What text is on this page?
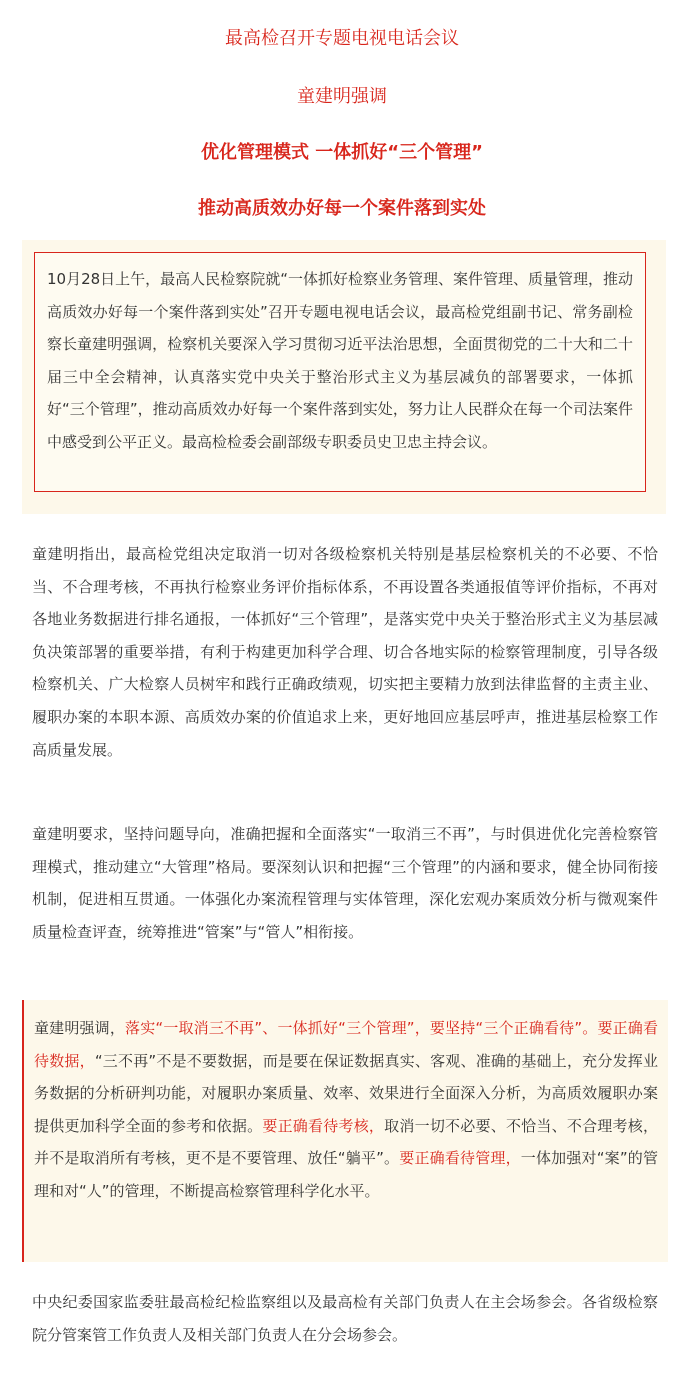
最高检召开专题电视电话会议

童建明强调

优化管理模式 一体抓好“三个管理”

推动高质效办好每一个案件落到实处

10月28日上午，最高人民检察院就“一体抓好检察业务管理、案件管理、质量管理，推动高质效办好每一个案件落到实处”召开专题电视电话会议，最高检党组副书记、常务副检察长童建明强调，检察机关要深入学习贯彻习近平法治思想，全面贯彻党的二十大和二十届三中全会精神，认真落实党中央关于整治形式主义为基层减负的部署要求，一体抓好“三个管理”，推动高质效办好每一个案件落到实处，努力让人民群众在每一个司法案件中感受到公平正义。最高检检委会副部级专职委员史卫忠主持会议。

童建明指出，最高检党组决定取消一切对各级检察机关特别是基层检察机关的不必要、不恰当、不合理考核，不再执行检察业务评价指标体系，不再设置各类通报值等评价指标，不再对各地业务数据进行排名通报，一体抓好“三个管理”，是落实党中央关于整治形式主义为基层减负决策部署的重要举措，有利于构建更加科学合理、切合各地实际的检察管理制度，引导各级检察机关、广大检察人员树牢和践行正确政绩观，切实把主要精力放到法律监督的主责主业、履职办案的本职本源、高质效办案的价值追求上来，更好地回应基层呼声，推进基层检察工作高质量发展。

童建明要求，坚持问题导向，准确把握和全面落实“一取消三不再”，与时俱进优化完善检察管理模式，推动建立“大管理”格局。要深刻认识和把握“三个管理”的内涵和要求，健全协同衔接机制，促进相互贯通。一体强化办案流程管理与实体管理，深化宏观办案质效分析与微观案件质量检查评查，统筹推进“管案”与“管人”相衔接。

童建明强调，落实“一取消三不再”、一体抓好“三个管理”，要坚持“三个正确看待”。要正确看待数据，“三不再”不是不要数据，而是要在保证数据真实、客观、准确的基础上，充分发挥业务数据的分析研判功能，对履职办案质量、效率、效果进行全面深入分析，为高质效履职办案提供更加科学全面的参考和依据。要正确看待考核，取消一切不必要、不恰当、不合理考核，并不是取消所有考核，更不是不要管理、放任“躺平”。要正确看待管理，一体加强对“案”的管理和对“人”的管理，不断提高检察管理科学化水平。

中央纪委国家监委驻最高检纪检监察组以及最高检有关部门负责人在主会场参会。各省级检察院分管案管工作负责人及相关部门负责人在分会场参会。
